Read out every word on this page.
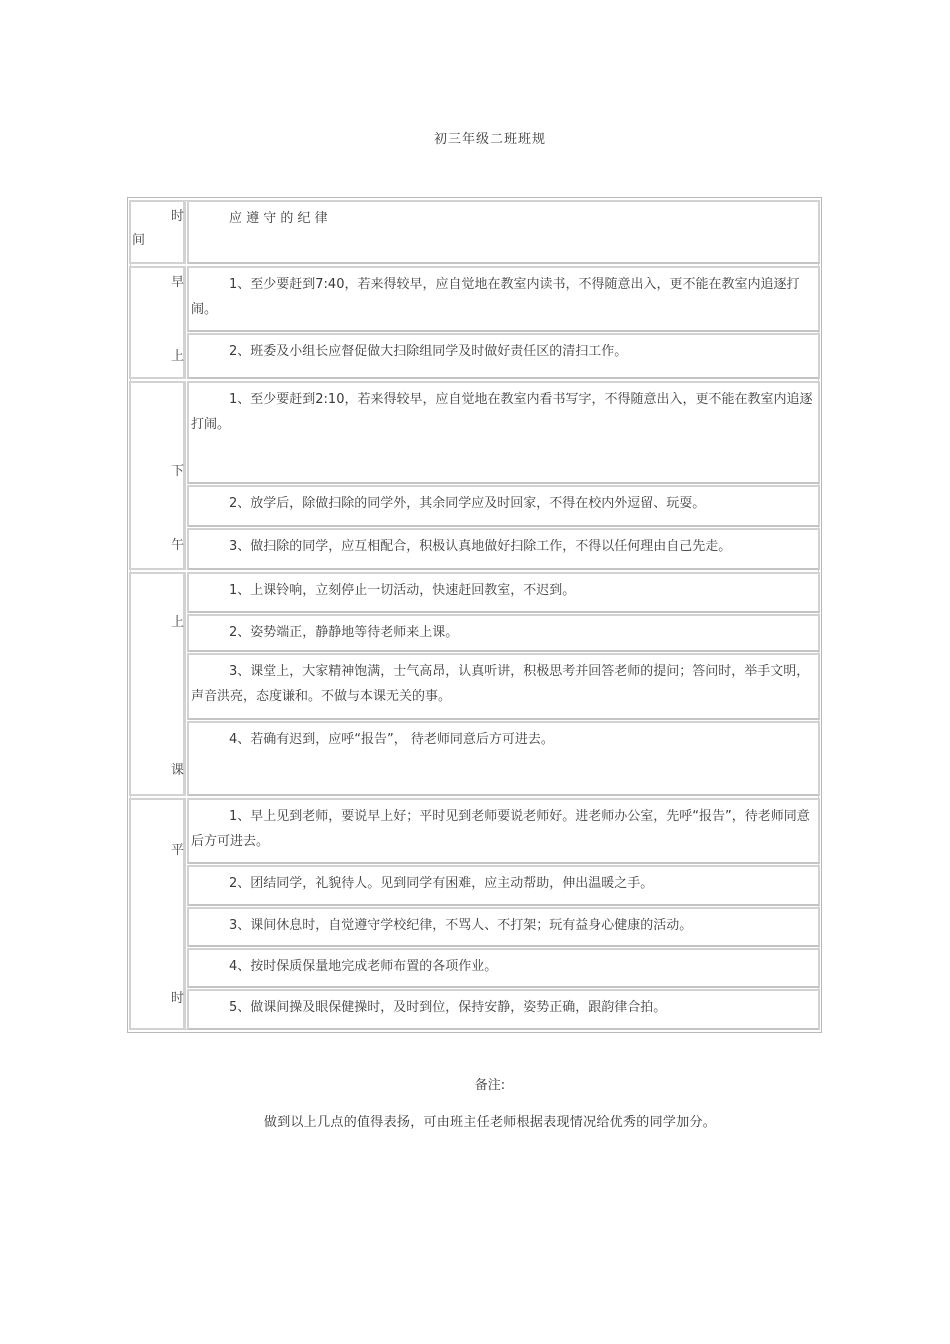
初三年级二班班规
时
间
应 遵 守 的 纪 律
早
上
1、至少要赶到7:40，若来得较早，应自觉地在教室内读书，不得随意出入，更不能在教室内追逐打闹。
2、班委及小组长应督促做大扫除组同学及时做好责任区的清扫工作。
下
午
1、至少要赶到2:10，若来得较早，应自觉地在教室内看书写字，不得随意出入，更不能在教室内追逐打闹。
2、放学后，除做扫除的同学外，其余同学应及时回家，不得在校内外逗留、玩耍。
3、做扫除的同学，应互相配合，积极认真地做好扫除工作，不得以任何理由自己先走。
上
课
1、上课铃响，立刻停止一切活动，快速赶回教室，不迟到。
2、姿势端正，静静地等待老师来上课。
3、课堂上，大家精神饱满，士气高昂，认真听讲，积极思考并回答老师的提问；答问时，举手文明，声音洪亮，态度谦和。不做与本课无关的事。
4、若确有迟到，应呼“报告”， 待老师同意后方可进去。
平
时
1、早上见到老师，要说早上好；平时见到老师要说老师好。进老师办公室，先呼“报告”，待老师同意后方可进去。
2、团结同学，礼貌待人。见到同学有困难，应主动帮助，伸出温暖之手。
3、课间休息时，自觉遵守学校纪律，不骂人、不打架；玩有益身心健康的活动。
4、按时保质保量地完成老师布置的各项作业。
5、做课间操及眼保健操时，及时到位，保持安静，姿势正确，跟韵律合拍。
备注:
做到以上几点的值得表扬，可由班主任老师根据表现情况给优秀的同学加分。
